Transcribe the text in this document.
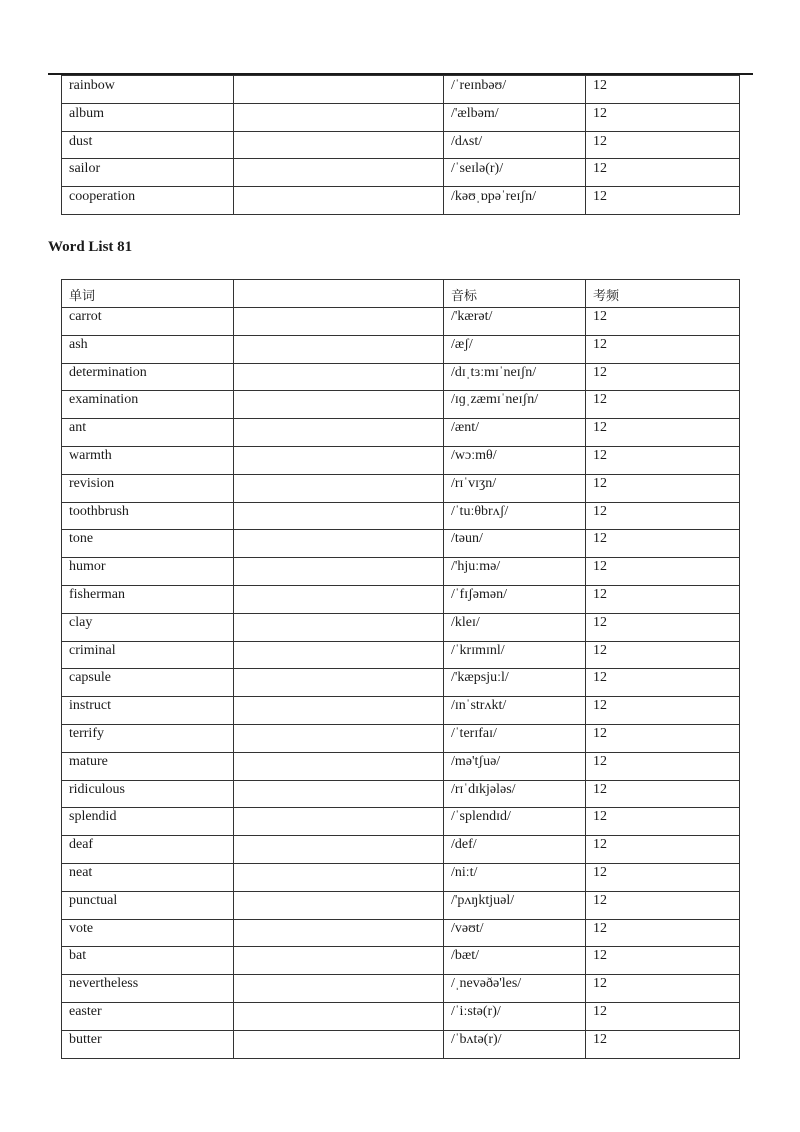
rainbow		/ˈreɪnbəʊ/	12
album		/'ælbəm/	12
dust		/dʌst/	12
sailor		/ˈseɪlə(r)/	12
cooperation		/kəʊˌɒpəˈreɪʃn/	12
Word List 81
单词		音标	考频
carrot		/'kærət/	12
ash		/æʃ/	12
determination		/dɪˌtɜːmɪˈneɪʃn/	12
examination		/ɪɡˌzæmɪˈneɪʃn/	12
ant		/ænt/	12
warmth		/wɔːmθ/	12
revision		/rɪˈvɪʒn/	12
toothbrush		/ˈtuːθbrʌʃ/	12
tone		/təun/	12
humor		/'hjuːmə/	12
fisherman		/ˈfɪʃəmən/	12
clay		/kleɪ/	12
criminal		/ˈkrɪmɪnl/	12
capsule		/'kæpsjuːl/	12
instruct		/ɪnˈstrʌkt/	12
terrify		/ˈterɪfaɪ/	12
mature		/mə'tʃuə/	12
ridiculous		/rɪˈdɪkjələs/	12
splendid		/ˈsplendɪd/	12
deaf		/def/	12
neat		/niːt/	12
punctual		/'pʌŋktjuəl/	12
vote		/vəʊt/	12
bat		/bæt/	12
nevertheless		/ˌnevəðə'les/	12
easter		/ˈiːstə(r)/	12
butter		/ˈbʌtə(r)/	12
